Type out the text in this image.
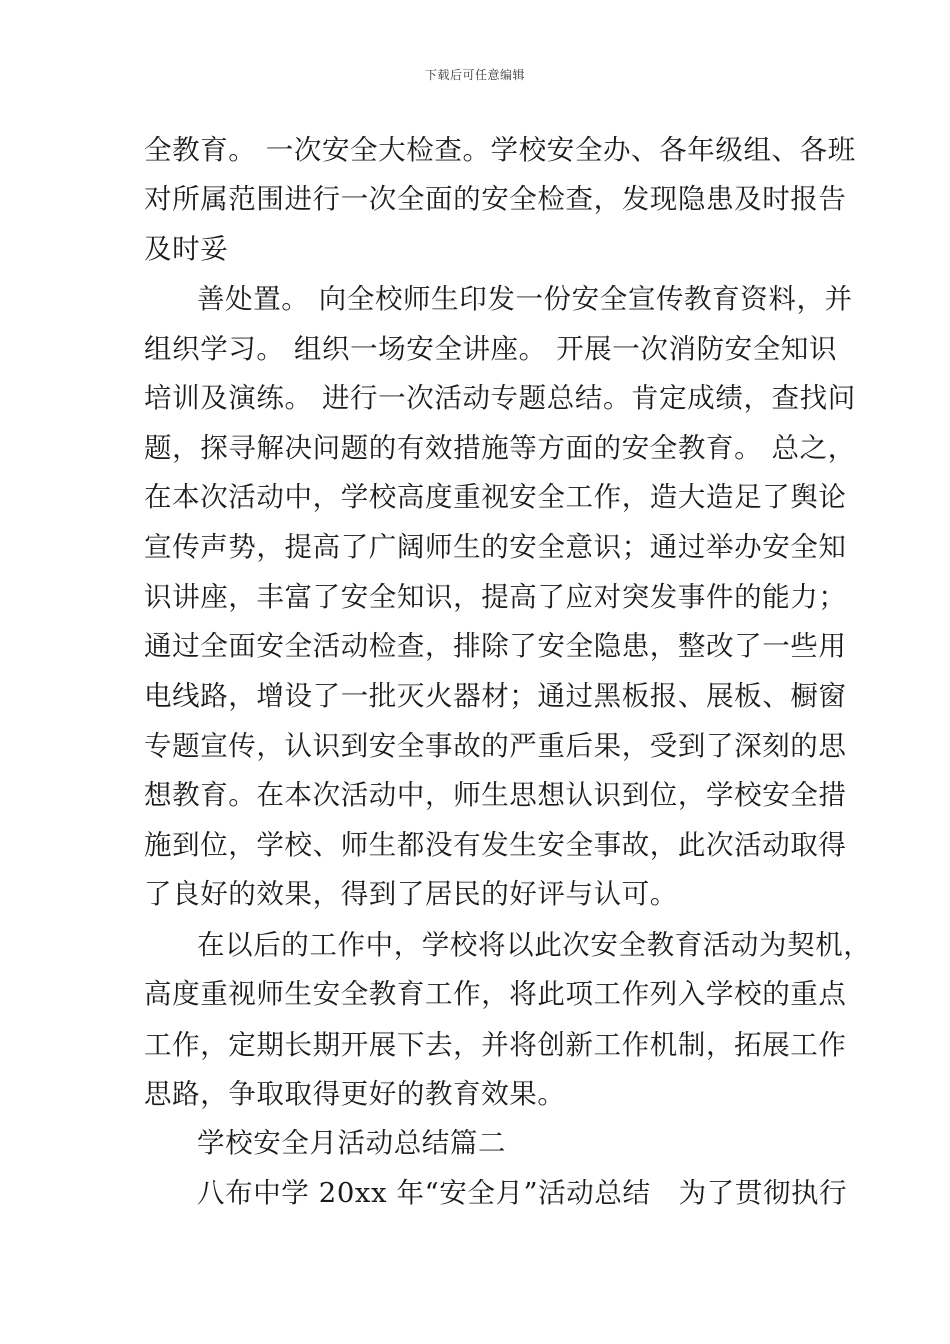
下载后可任意编辑
全教育。 一次安全大检查。学校安全办、各年级组、各班
对所属范围进行一次全面的安全检查，发现隐患及时报告
及时妥
善处置。 向全校师生印发一份安全宣传教育资料，并
组织学习。 组织一场安全讲座。 开展一次消防安全知识
培训及演练。 进行一次活动专题总结。肯定成绩，查找问
题，探寻解决问题的有效措施等方面的安全教育。 总之，
在本次活动中，学校高度重视安全工作，造大造足了舆论
宣传声势，提高了广阔师生的安全意识；通过举办安全知
识讲座，丰富了安全知识，提高了应对突发事件的能力；
通过全面安全活动检查，排除了安全隐患，整改了一些用
电线路，增设了一批灭火器材；通过黑板报、展板、橱窗
专题宣传，认识到安全事故的严重后果，受到了深刻的思
想教育。在本次活动中，师生思想认识到位，学校安全措
施到位，学校、师生都没有发生安全事故，此次活动取得
了良好的效果，得到了居民的好评与认可。
在以后的工作中，学校将以此次安全教育活动为契机，
高度重视师生安全教育工作，将此项工作列入学校的重点
工作，定期长期开展下去，并将创新工作机制，拓展工作
思路，争取取得更好的教育效果。
学校安全月活动总结篇二
八布中学 20xx 年“安全月”活动总结   为了贯彻执行
